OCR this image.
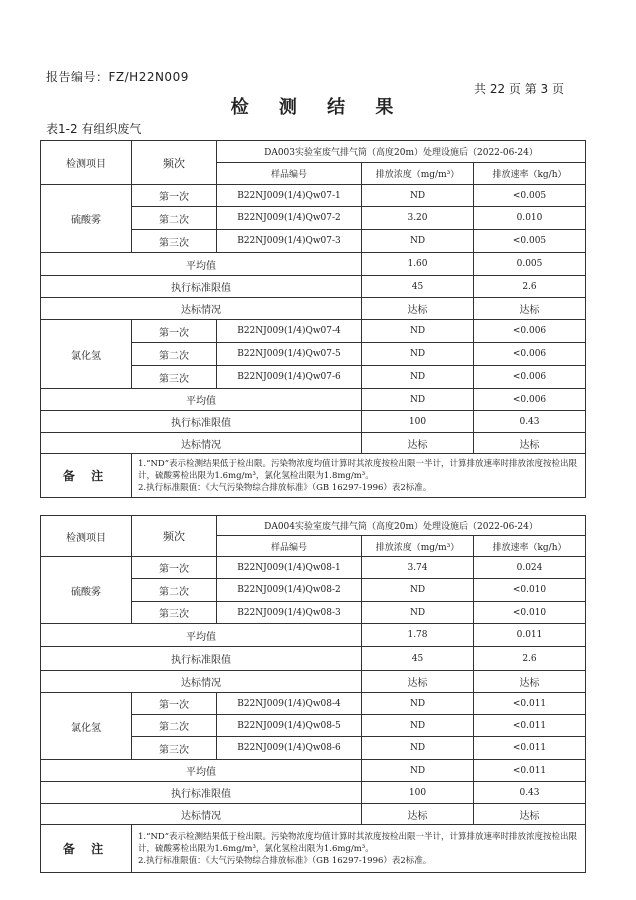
报告编号：FZ/H22N009
共 22 页 第 3 页
检 测 结 果
表1-2 有组织废气
检测项目	频次	DA003实验室废气排气筒（高度20m）处理设施后（2022-06-24）		
		样品编号	排放浓度（mg/m³）	排放速率（kg/h）
硫酸雾	第一次	B22NJ009(1/4)Qw07-1	ND	<0.005
	第二次	B22NJ009(1/4)Qw07-2	3.20	0.010
	第三次	B22NJ009(1/4)Qw07-3	ND	<0.005
平均值			1.60	0.005
执行标准限值			45	2.6
达标情况			达标	达标
氯化氢	第一次	B22NJ009(1/4)Qw07-4	ND	<0.006
	第二次	B22NJ009(1/4)Qw07-5	ND	<0.006
	第三次	B22NJ009(1/4)Qw07-6	ND	<0.006
平均值			ND	<0.006
执行标准限值			100	0.43
达标情况			达标	达标
备 注	1.“ND”表示检测结果低于检出限。污染物浓度均值计算时其浓度按检出限一半计，计算排放速率时排放浓度按检出限计，硫酸雾检出限为1.6mg/m³，氯化氢检出限为1.8mg/m³。

2.执行标准限值：《大气污染物综合排放标准》（GB 16297-1996）表2标准。			

检测项目	频次	DA004实验室废气排气筒（高度20m）处理设施后（2022-06-24）		
		样品编号	排放浓度（mg/m³）	排放速率（kg/h）
硫酸雾	第一次	B22NJ009(1/4)Qw08-1	3.74	0.024
	第二次	B22NJ009(1/4)Qw08-2	ND	<0.010
	第三次	B22NJ009(1/4)Qw08-3	ND	<0.010
平均值			1.78	0.011
执行标准限值			45	2.6
达标情况			达标	达标
氯化氢	第一次	B22NJ009(1/4)Qw08-4	ND	<0.011
	第二次	B22NJ009(1/4)Qw08-5	ND	<0.011
	第三次	B22NJ009(1/4)Qw08-6	ND	<0.011
平均值			ND	<0.011
执行标准限值			100	0.43
达标情况			达标	达标
备 注	1.“ND”表示检测结果低于检出限。污染物浓度均值计算时其浓度按检出限一半计，计算排放速率时排放浓度按检出限计，硫酸雾检出限为1.6mg/m³，氯化氢检出限为1.6mg/m³。

2.执行标准限值：《大气污染物综合排放标准》（GB 16297-1996）表2标准。			
